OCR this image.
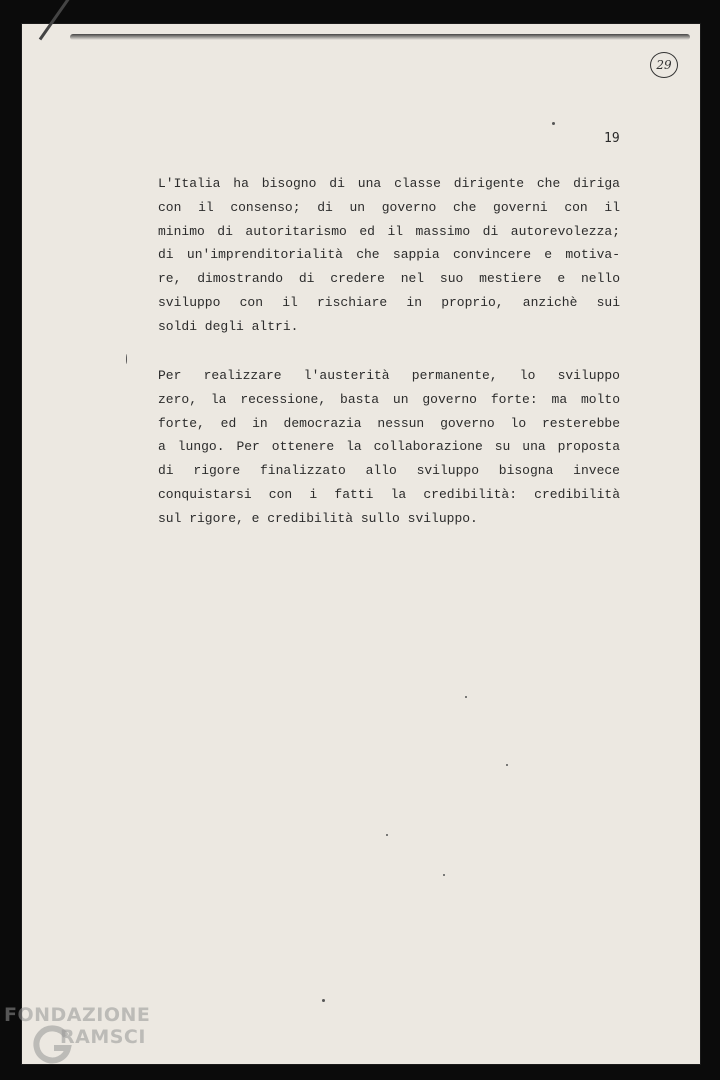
29
19

L'Italia ha bisogno di una classe dirigente che diriga
con il consenso; di un governo che governi con il
minimo di autoritarismo ed il massimo di autorevolezza;
di un'imprenditorialità che sappia convincere e motiva-
re, dimostrando di credere nel suo mestiere e nello
sviluppo con il rischiare in proprio, anzichè sui
soldi degli altri.

Per realizzare l'austerità permanente, lo sviluppo
zero, la recessione, basta un governo forte: ma molto
forte, ed in democrazia nessun governo lo resterebbe
a lungo. Per ottenere la collaborazione su una proposta
di rigore finalizzato allo sviluppo bisogna invece
conquistarsi con i fatti la credibilità: credibilità
sul rigore, e credibilità sullo sviluppo.

FONDAZIONE
RAMSCI
